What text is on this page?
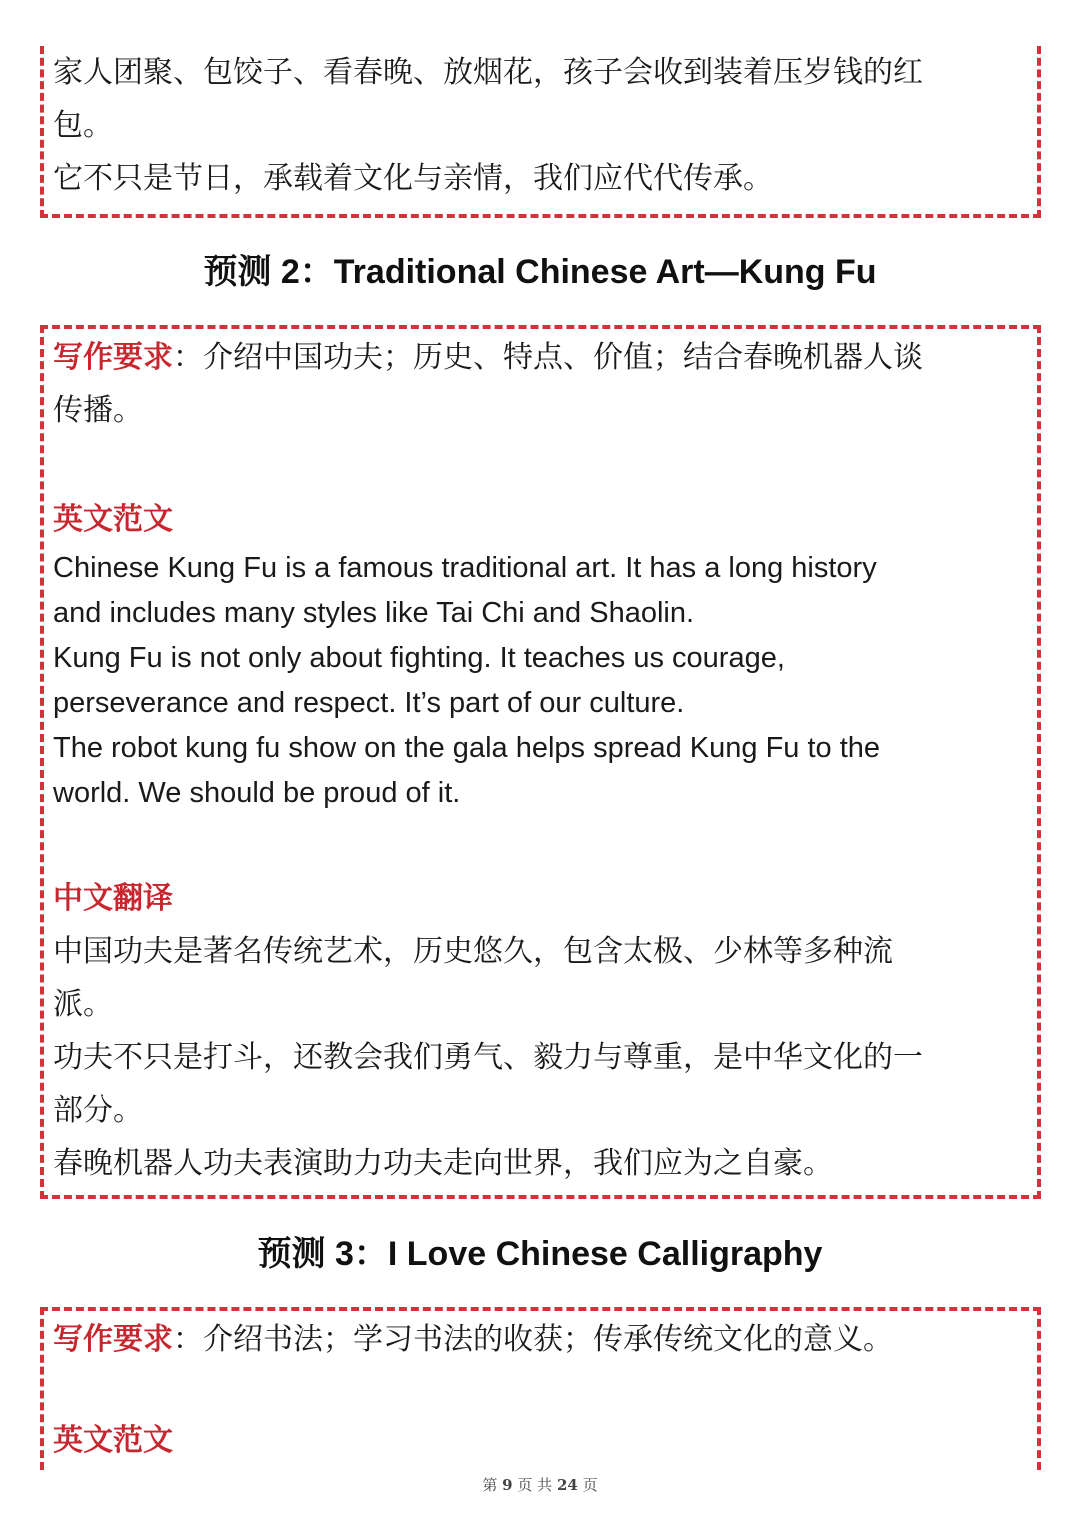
家人团聚、包饺子、看春晚、放烟花，孩子会收到装着压岁钱的红

包。

它不只是节日，承载着文化与亲情，我们应代代传承。

预测 2：Traditional Chinese Art—Kung Fu

写作要求：介绍中国功夫；历史、特点、价值；结合春晚机器人谈

传播。

英文范文

Chinese Kung Fu is a famous traditional art. It has a long history

and includes many styles like Tai Chi and Shaolin.

Kung Fu is not only about fighting. It teaches us courage,

perseverance and respect. It’s part of our culture.

The robot kung fu show on the gala helps spread Kung Fu to the

world. We should be proud of it.

中文翻译

中国功夫是著名传统艺术，历史悠久，包含太极、少林等多种流

派。

功夫不只是打斗，还教会我们勇气、毅力与尊重，是中华文化的一

部分。

春晚机器人功夫表演助力功夫走向世界，我们应为之自豪。

预测 3：I Love Chinese Calligraphy

写作要求：介绍书法；学习书法的收获；传承传统文化的意义。

英文范文

第 9 页 共 24 页
